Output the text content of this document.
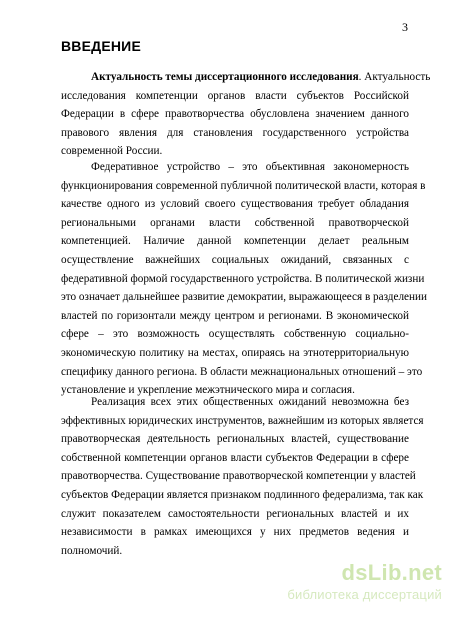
3
ВВЕДЕНИЕ
Актуальность темы диссертационного исследования. Актуальность
исследования компетенции органов власти субъектов Российской
Федерации в сфере правотворчества обусловлена значением данного
правового явления для становления государственного устройства
современной России.
Федеративное устройство – это объективная закономерность
функционирования современной публичной политической власти, которая в
качестве одного из условий своего существования требует обладания
региональными органами власти собственной правотворческой
компетенцией. Наличие данной компетенции делает реальным
осуществление важнейших социальных ожиданий, связанных с
федеративной формой государственного устройства. В политической жизни
это означает дальнейшее развитие демократии, выражающееся в разделении
властей по горизонтали между центром и регионами. В экономической
сфере – это возможность осуществлять собственную социально-
экономическую политику на местах, опираясь на этнотерриториальную
специфику данного региона. В области межнациональных отношений – это
установление и укрепление межэтнического мира и согласия.
Реализация всех этих общественных ожиданий невозможна без
эффективных юридических инструментов, важнейшим из которых является
правотворческая деятельность региональных властей, существование
собственной компетенции органов власти субъектов Федерации в сфере
правотворчества. Существование правотворческой компетенции у властей
субъектов Федерации является признаком подлинного федерализма, так как
служит показателем самостоятельности региональных властей и их
независимости в рамках имеющихся у них предметов ведения и
полномочий.
dsLib.net
библиотека диссертаций
